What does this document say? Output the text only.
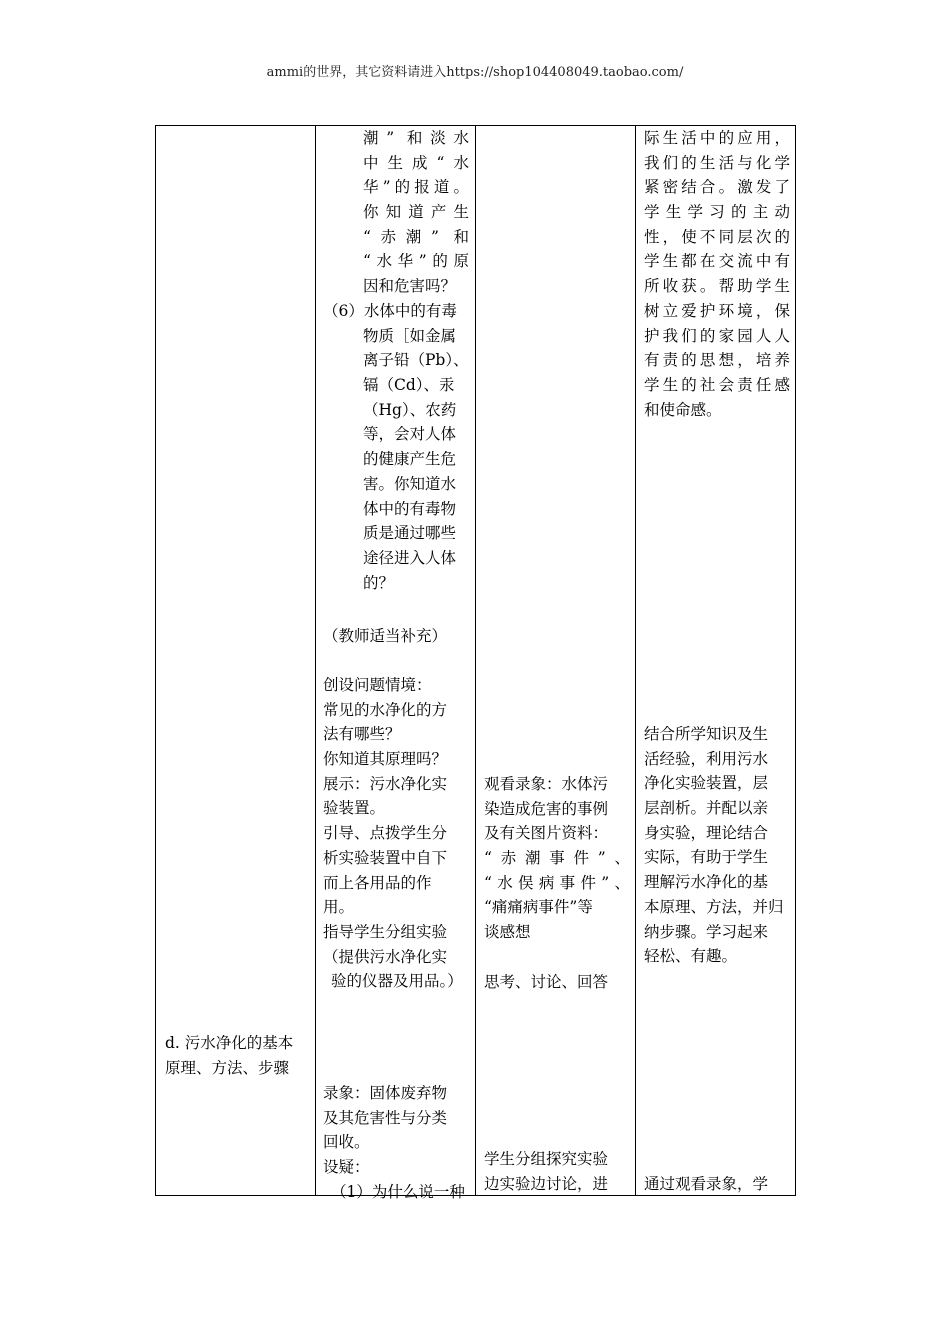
ammi的世界，其它资料请进入https://shop104408049.taobao.com/
d. 污水净化的基本
原理、方法、步骤
潮” 和淡水
中生成“水
华”的报道。
你知道产生
“赤潮” 和
“水华”的原
因和危害吗？
（6）水体中的有毒
物质［如金属
离子铅（Pb）、
镉（Cd）、汞
（Hg）、农药
等，会对人体
的健康产生危
害。你知道水
体中的有毒物
质是通过哪些
途径进入人体
的？
（教师适当补充）
创设问题情境：
常见的水净化的方
法有哪些？
你知道其原理吗？
展示：污水净化实
验装置。
引导、点拨学生分
析实验装置中自下
而上各用品的作
用。
指导学生分组实验
（提供污水净化实
验的仪器及用品。）
录象：固体废弃物
及其危害性与分类
回收。
设疑：
（1）为什么说一种
观看录象：水体污
染造成危害的事例
及有关图片资料：
“赤潮事件”、
“水俣病事件”、
“痛痛病事件”等
谈感想
思考、讨论、回答
学生分组探究实验
边实验边讨论，进
际生活中的应用，
我们的生活与化学
紧密结合。激发了
学生学习的主动
性，使不同层次的
学生都在交流中有
所收获。帮助学生
树立爱护环境，保
护我们的家园人人
有责的思想，培养
学生的社会责任感
和使命感。
结合所学知识及生
活经验，利用污水
净化实验装置，层
层剖析。并配以亲
身实验，理论结合
实际，有助于学生
理解污水净化的基
本原理、方法，并归
纳步骤。学习起来
轻松、有趣。
通过观看录象，学
